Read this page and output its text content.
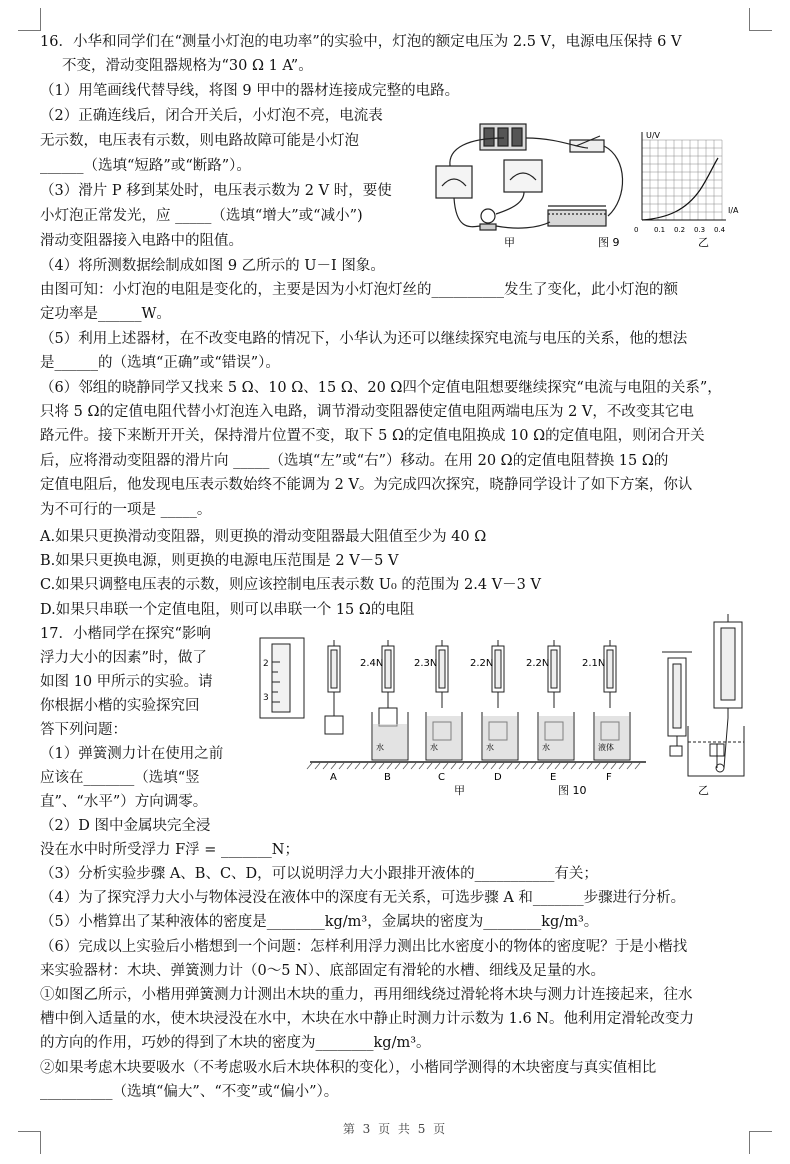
16．小华和同学们在“测量小灯泡的电功率”的实验中，灯泡的额定电压为 2.5 V，电源电压保持 6 V
不变，滑动变阻器规格为“30 Ω 1 A”。
（1）用笔画线代替导线，将图 9 甲中的器材连接成完整的电路。
（2）正确连线后，闭合开关后，小灯泡不亮，电流表
无示数，电压表有示数，则电路故障可能是小灯泡
______（选填“短路”或“断路”）。
（3）滑片 P 移到某处时，电压表示数为 2 V 时，要使
小灯泡正常发光，应 _____（选填“增大”或“减小”)
滑动变阻器接入电路中的阻值。
（4）将所测数据绘制成如图 9 乙所示的 U－I 图象。
由图可知：小灯泡的电阻是变化的，主要是因为小灯泡灯丝的__________发生了变化，此小灯泡的额
定功率是______W。
（5）利用上述器材，在不改变电路的情况下，小华认为还可以继续探究电流与电压的关系，他的想法
是______的（选填“正确”或“错误”）。
（6）邻组的晓静同学又找来 5 Ω、10 Ω、15 Ω、20 Ω四个定值电阻想要继续探究“电流与电阻的关系”，
只将 5 Ω的定值电阻代替小灯泡连入电路，调节滑动变阻器使定值电阻两端电压为 2 V，不改变其它电
路元件。接下来断开开关，保持滑片位置不变，取下 5 Ω的定值电阻换成 10 Ω的定值电阻，则闭合开关
后，应将滑动变阻器的滑片向 _____（选填“左”或“右”）移动。在用 20 Ω的定值电阻替换 15 Ω的
定值电阻后，他发现电压表示数始终不能调为 2 V。为完成四次探究，晓静同学设计了如下方案，你认
为不可行的一项是 _____。
A.如果只更换滑动变阻器，则更换的滑动变阻器最大阻值至少为 40 Ω
B.如果只更换电源，则更换的电源电压范围是 2 V－5 V
C.如果只调整电压表的示数，则应该控制电压表示数 U₀ 的范围为 2.4 V－3 V
D.如果只串联一个定值电阻，则可以串联一个 15 Ω的电阻
17．小楷同学在探究“影响
浮力大小的因素”时，做了
如图 10 甲所示的实验。请
你根据小楷的实验探究回
答下列问题：
（1）弹簧测力计在使用之前
应该在_______（选填“竖
直”、“水平”）方向调零。
（2）D 图中金属块完全浸
没在水中时所受浮力 F浮 = _______N；
（3）分析实验步骤 A、B、C、D，可以说明浮力大小跟排开液体的___________有关；
（4）为了探究浮力大小与物体浸没在液体中的深度有无关系，可选步骤 A 和_______步骤进行分析。
（5）小楷算出了某种液体的密度是________kg/m³，金属块的密度为________kg/m³。
（6）完成以上实验后小楷想到一个问题：怎样利用浮力测出比水密度小的物体的密度呢？于是小楷找
来实验器材：木块、弹簧测力计（0～5 N）、底部固定有滑轮的水槽、细线及足量的水。
①如图乙所示，小楷用弹簧测力计测出木块的重力，再用细线绕过滑轮将木块与测力计连接起来，往水
槽中倒入适量的水，使木块浸没在水中，木块在水中静止时测力计示数为 1.6 N。他利用定滑轮改变力
的方向的作用，巧妙的得到了木块的密度为________kg/m³。
②如果考虑木块要吸水（不考虑吸水后木块体积的变化），小楷同学测得的木块密度与真实值相比
__________（选填“偏大”、“不变”或“偏小”）。
甲	图 9	乙
U/V
I/A
0 0.1 0.2 0.3 0.4
2
3
A	B
2.4N
水
C
2.3N
水
D
2.2N
水
E
2.2N
水
F
2.1N
液体
甲	图 10	乙
第 3 页 共 5 页
